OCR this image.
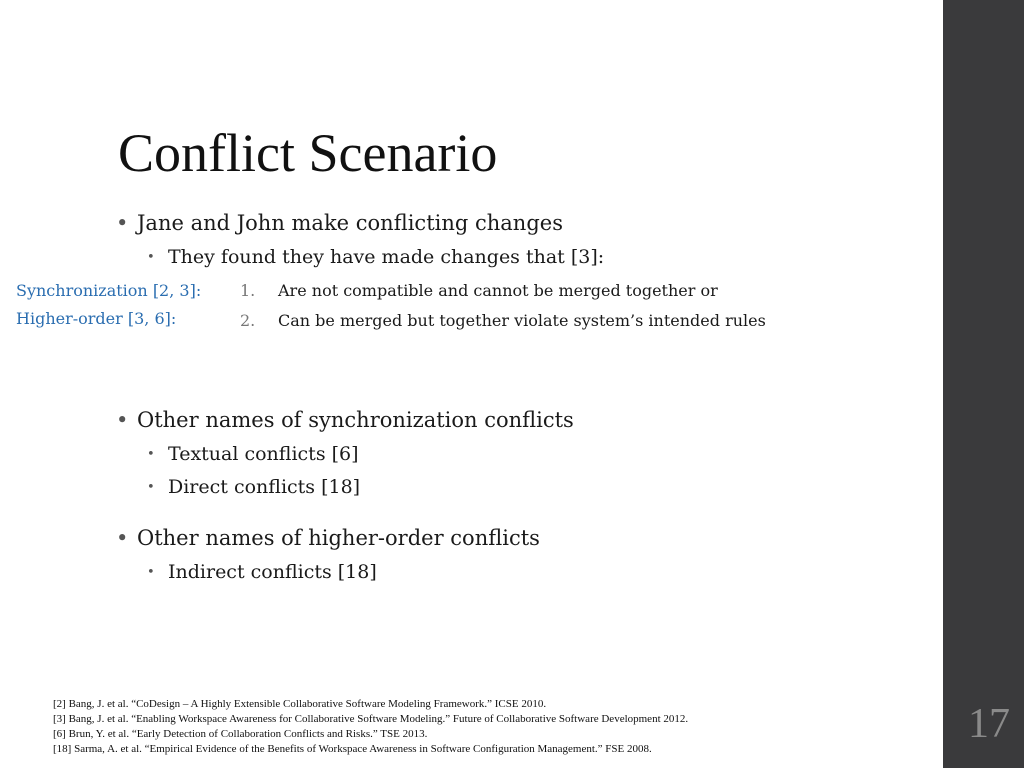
Conflict Scenario
• Jane and John make conflicting changes
• They found they have made changes that [3]:
Synchronization [2, 3]: 1. Are not compatible and cannot be merged together or
Higher-order [3, 6]:	2. Can be merged but together violate system’s intended rules
• Other names of synchronization conflicts
• Textual conflicts [6]
• Direct conflicts [18]
• Other names of higher-order conflicts
• Indirect conflicts [18]
[2] Bang, J. et al. “CoDesign – A Highly Extensible Collaborative Software Modeling Framework.” ICSE 2010.
[3] Bang, J. et al. “Enabling Workspace Awareness for Collaborative Software Modeling.” Future of Collaborative Software Development 2012.
[6] Brun, Y. et al. “Early Detection of Collaboration Conflicts and Risks.” TSE 2013.
[18] Sarma, A. et al. “Empirical Evidence of the Benefits of Workspace Awareness in Software Configuration Management.” FSE 2008.
17
